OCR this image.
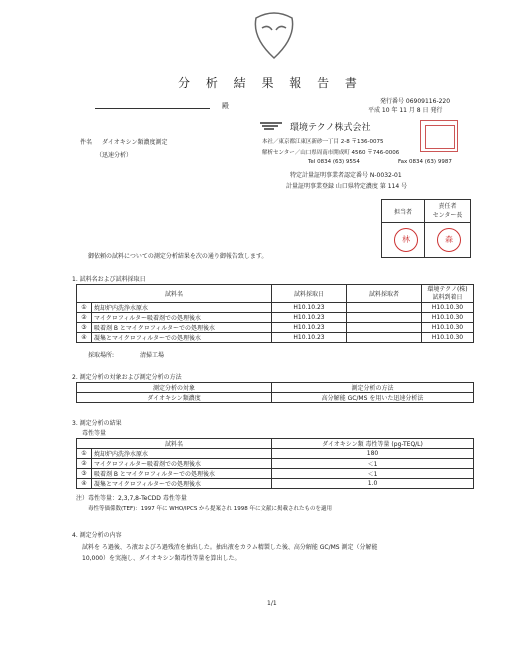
分 析 結 果 報 告 書
殿
発行番号 06909116-220
平成 10 年 11 月 8 日 発行
環境テクノ株式会社
件名 ダイオキシン類濃度測定
（迅速分析）
本社／東京都江東区新砂一丁目 2-8 〒136-0075
解析センター／山口県周南市開成町 4560 〒746-0006
Tel 0834 (63) 9554	Fax 0834 (63) 9987
特定計量証明事業者認定番号 N-0032-01
計量証明事業登録 山口県特定濃度 第 114 号
担当者	責任者
センター長

林	森
御依頼の試料についての測定分析結果を次の通り御報告致します。
1. 試料名および試料採取日
試料名		試料採取日	試料採取者	環境テクノ(株)
試料到着日
①	焼却炉内洗浄水原水	H10.10.23		H10.10.30
②	マイクロフィルター吸着剤での処理後水	H10.10.23		H10.10.30
③	吸着剤 B とマイクロフィルターでの処理後水	H10.10.23		H10.10.30
④	凝集とマイクロフィルターでの処理後水	H10.10.23		H10.10.30
採取場所:	清掃工場
2. 測定分析の対象および測定分析の方法
測定分析の対象	測定分析の方法
ダイオキシン類濃度	高分解能 GC/MS を用いた迅速分析法
3. 測定分析の結果
毒性等量
試料名		ダイオキシン類 毒性等量 (pg-TEQ/L)
①	焼却炉内洗浄水原水	180
②	マイクロフィルター吸着剤での処理後水	＜1
③	吸着剤 B とマイクロフィルターでの処理後水	＜1
④	凝集とマイクロフィルターでの処理後水	1.0
注）毒性等量：2,3,7,8-TeCDD 毒性等量
毒性等価係数(TEF)：1997 年に WHO/IPCS から提案され 1998 年に文献に掲載されたものを適用
4. 測定分析の内容
試料を ろ過後、ろ液およびろ過残渣を抽出した。抽出液をカラム精製した後、高分解能 GC/MS 測定（分解能
10,000）を実施し、ダイオキシン類毒性等量を算出した。
1/1
